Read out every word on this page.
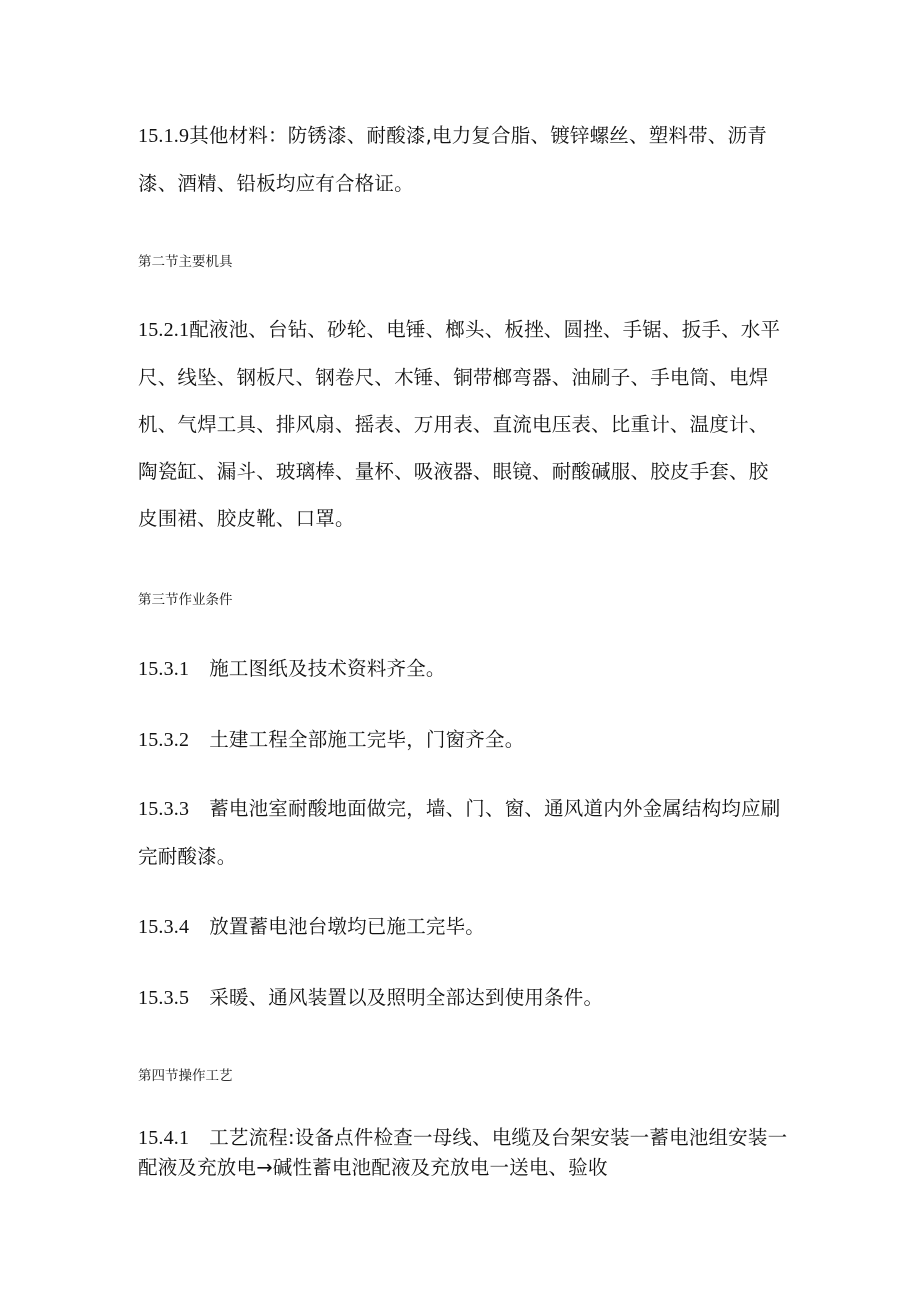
15.1.9其他材料：防锈漆、耐酸漆,电力复合脂、镀锌螺丝、塑料带、沥青漆、酒精、铅板均应有合格证。

第二节主要机具

15.2.1配液池、台钻、砂轮、电锤、榔头、板挫、圆挫、手锯、扳手、水平尺、线坠、钢板尺、钢卷尺、木锤、铜带榔弯器、油刷子、手电筒、电焊机、气焊工具、排风扇、摇表、万用表、直流电压表、比重计、温度计、陶瓷缸、漏斗、玻璃棒、量杯、吸液器、眼镜、耐酸碱服、胶皮手套、胶皮围裙、胶皮靴、口罩。

第三节作业条件

15.3.1 施工图纸及技术资料齐全。

15.3.2 土建工程全部施工完毕，门窗齐全。

15.3.3 蓄电池室耐酸地面做完，墙、门、窗、通风道内外金属结构均应刷完耐酸漆。

15.3.4 放置蓄电池台墩均已施工完毕。

15.3.5 采暖、通风装置以及照明全部达到使用条件。

第四节操作工艺

15.4.1 工艺流程:设备点件检查一母线、电缆及台架安装一蓄电池组安装一配液及充放电→碱性蓄电池配液及充放电一送电、验收
